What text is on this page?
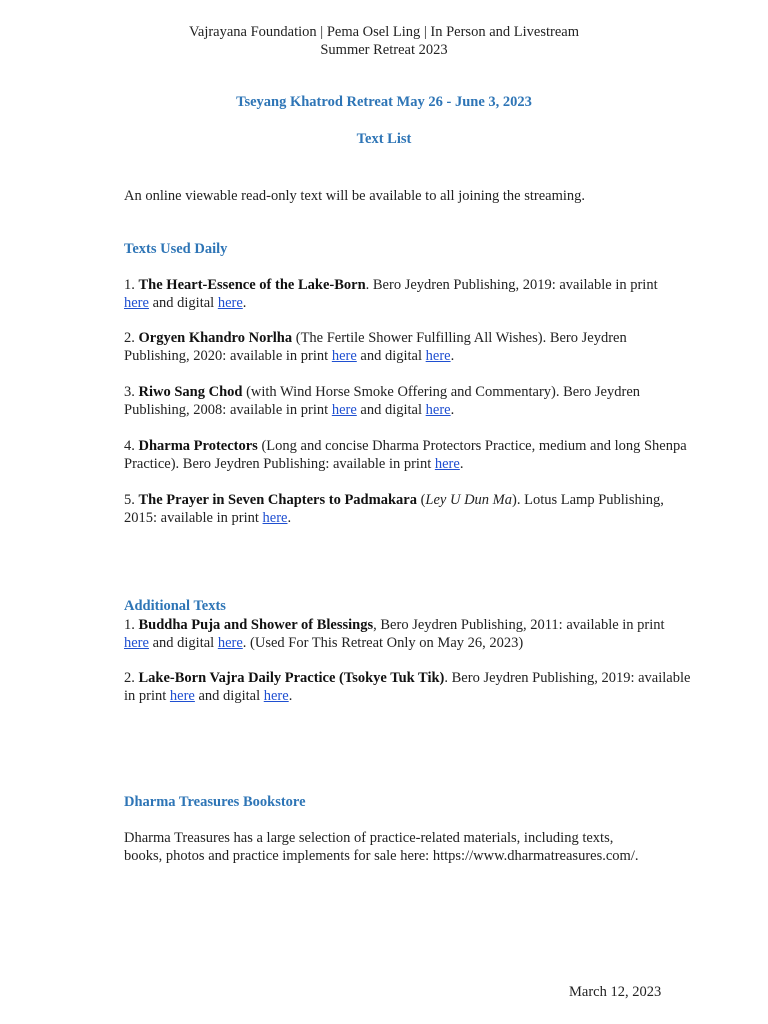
Vajrayana Foundation | Pema Osel Ling | In Person and Livestream
Summer Retreat 2023
Tseyang Khatrod Retreat May 26 - June 3, 2023
Text List

An online viewable read-only text will be available to all joining the streaming.

Texts Used Daily

1. The Heart-Essence of the Lake-Born. Bero Jeydren Publishing, 2019: available in print
here and digital here.

2. Orgyen Khandro Norlha (The Fertile Shower Fulfilling All Wishes). Bero Jeydren Publishing, 2020: available in print here and digital here.

3. Riwo Sang Chod (with Wind Horse Smoke Offering and Commentary). Bero Jeydren Publishing, 2008: available in print here and digital here.

4. Dharma Protectors (Long and concise Dharma Protectors Practice, medium and long Shenpa Practice). Bero Jeydren Publishing: available in print here.

5. The Prayer in Seven Chapters to Padmakara (Ley U Dun Ma). Lotus Lamp Publishing, 2015: available in print here.

Additional Texts

1. Buddha Puja and Shower of Blessings, Bero Jeydren Publishing, 2011: available in print
here and digital here. (Used For This Retreat Only on May 26, 2023)

2. Lake-Born Vajra Daily Practice (Tsokye Tuk Tik). Bero Jeydren Publishing, 2019: available in print here and digital here.

Dharma Treasures Bookstore

Dharma Treasures has a large selection of practice-related materials, including texts,
books, photos and practice implements for sale here: https://www.dharmatreasures.com/.

March 12, 2023
